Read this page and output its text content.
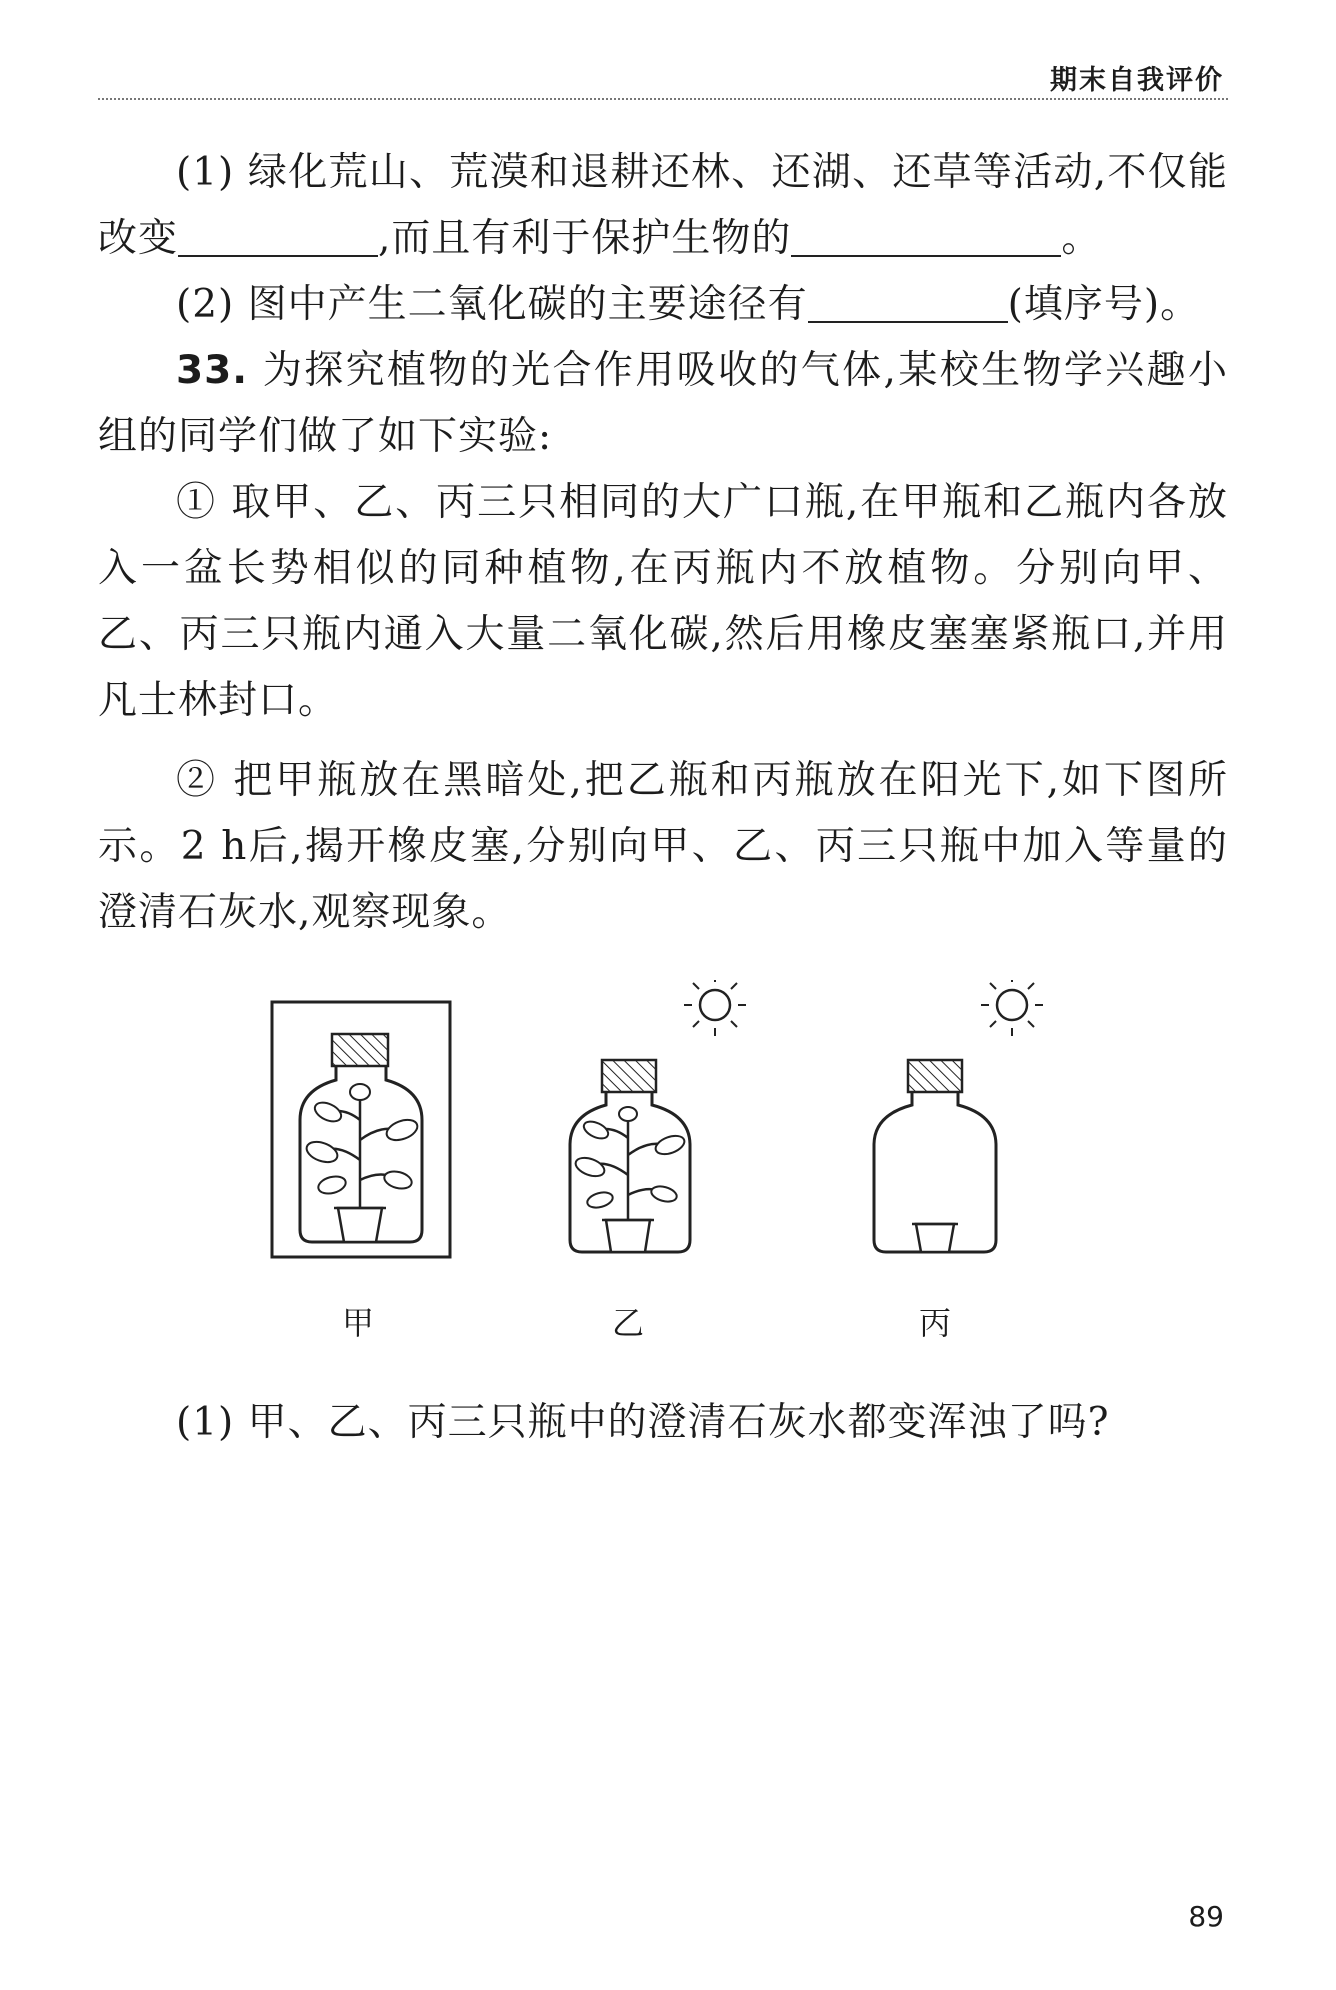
期末自我评价

(1) 绿化荒山、荒漠和退耕还林、还湖、还草等活动,不仅能改变	,而且有利于保护生物的	。

(2) 图中产生二氧化碳的主要途径有	(填序号)。

33. 为探究植物的光合作用吸收的气体,某校生物学兴趣小组的同学们做了如下实验:

① 取甲、乙、丙三只相同的大广口瓶,在甲瓶和乙瓶内各放入一盆长势相似的同种植物,在丙瓶内不放植物。分别向甲、乙、丙三只瓶内通入大量二氧化碳,然后用橡皮塞塞紧瓶口,并用凡士林封口。

② 把甲瓶放在黑暗处,把乙瓶和丙瓶放在阳光下,如下图所示。2 h后,揭开橡皮塞,分别向甲、乙、丙三只瓶中加入等量的澄清石灰水,观察现象。

甲	乙	丙

(1) 甲、乙、丙三只瓶中的澄清石灰水都变浑浊了吗?

89
